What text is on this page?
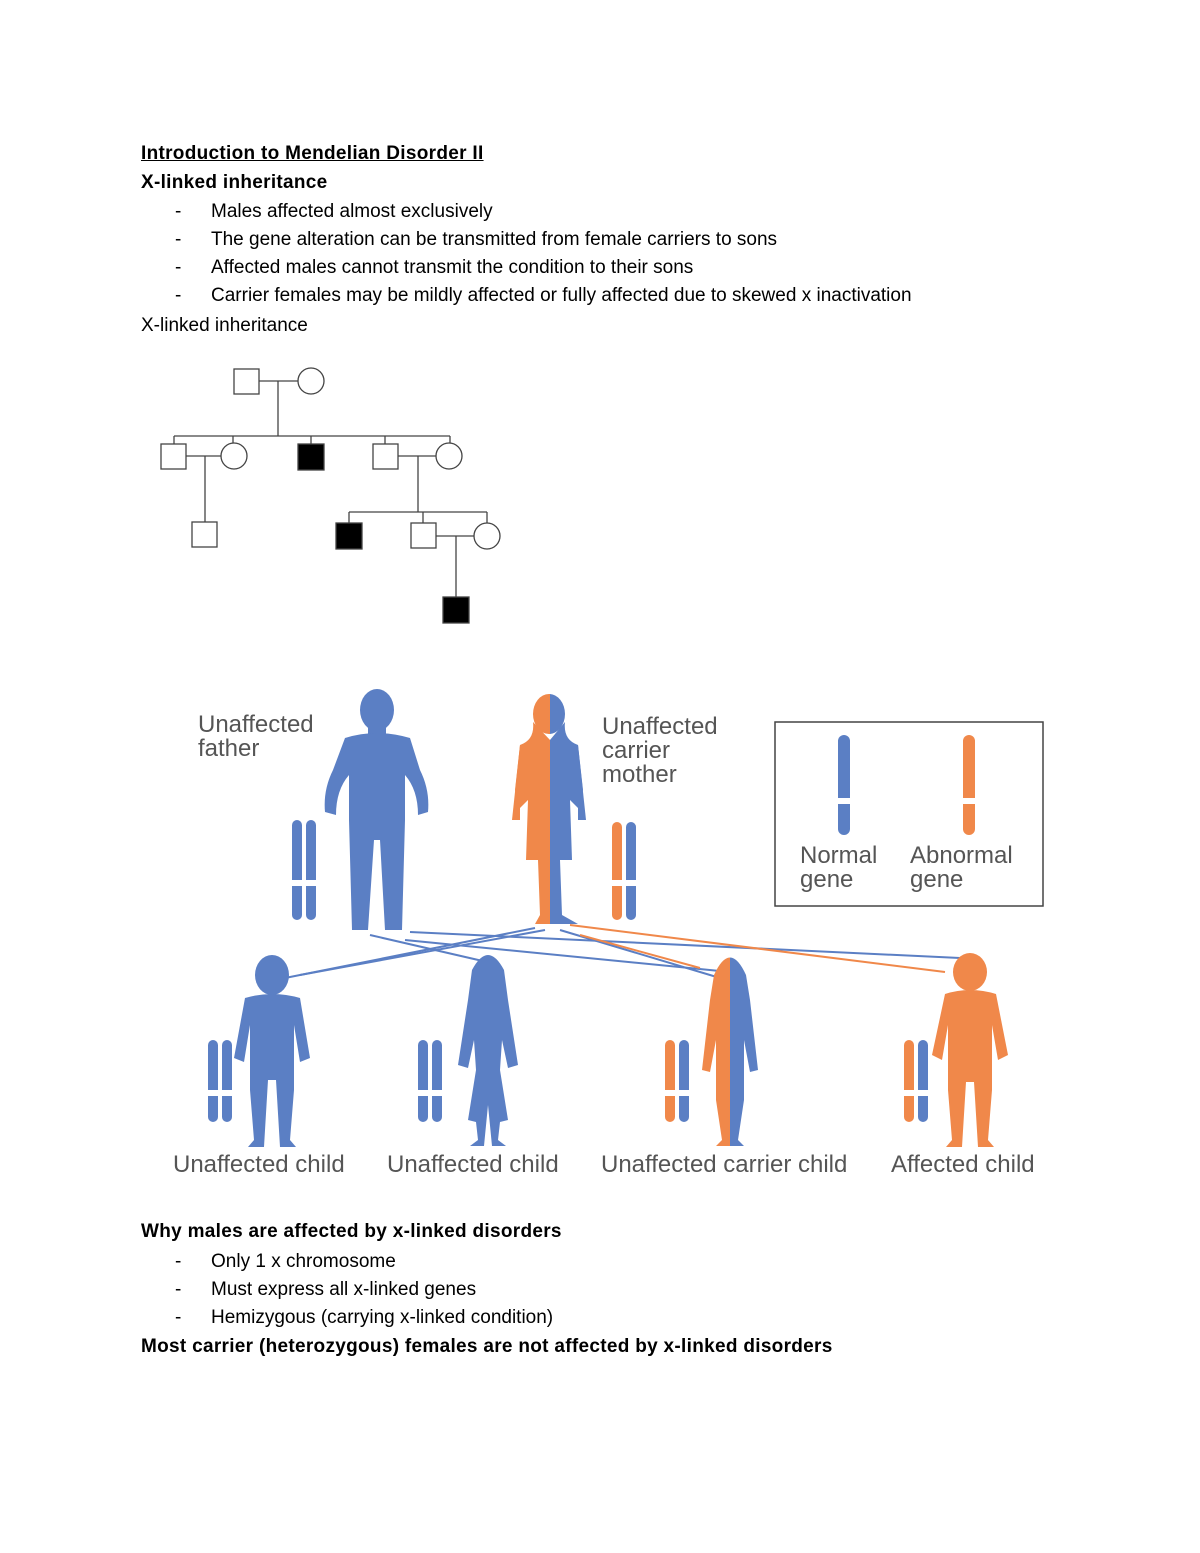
Introduction to Mendelian Disorder II
X-linked inheritance
- Males affected almost exclusively
- The gene alteration can be transmitted from female carriers to sons
- Affected males cannot transmit the condition to their sons
- Carrier females may be mildly affected or fully affected due to skewed x inactivation
X-linked inheritance
Unaffected
father
Unaffected
carrier
mother
Normal
gene
Abnormal
gene
Unaffected child Unaffected child Unaffected carrier child Affected child
Why males are affected by x-linked disorders
- Only 1 x chromosome
- Must express all x-linked genes
- Hemizygous (carrying x-linked condition)
Most carrier (heterozygous) females are not affected by x-linked disorders
